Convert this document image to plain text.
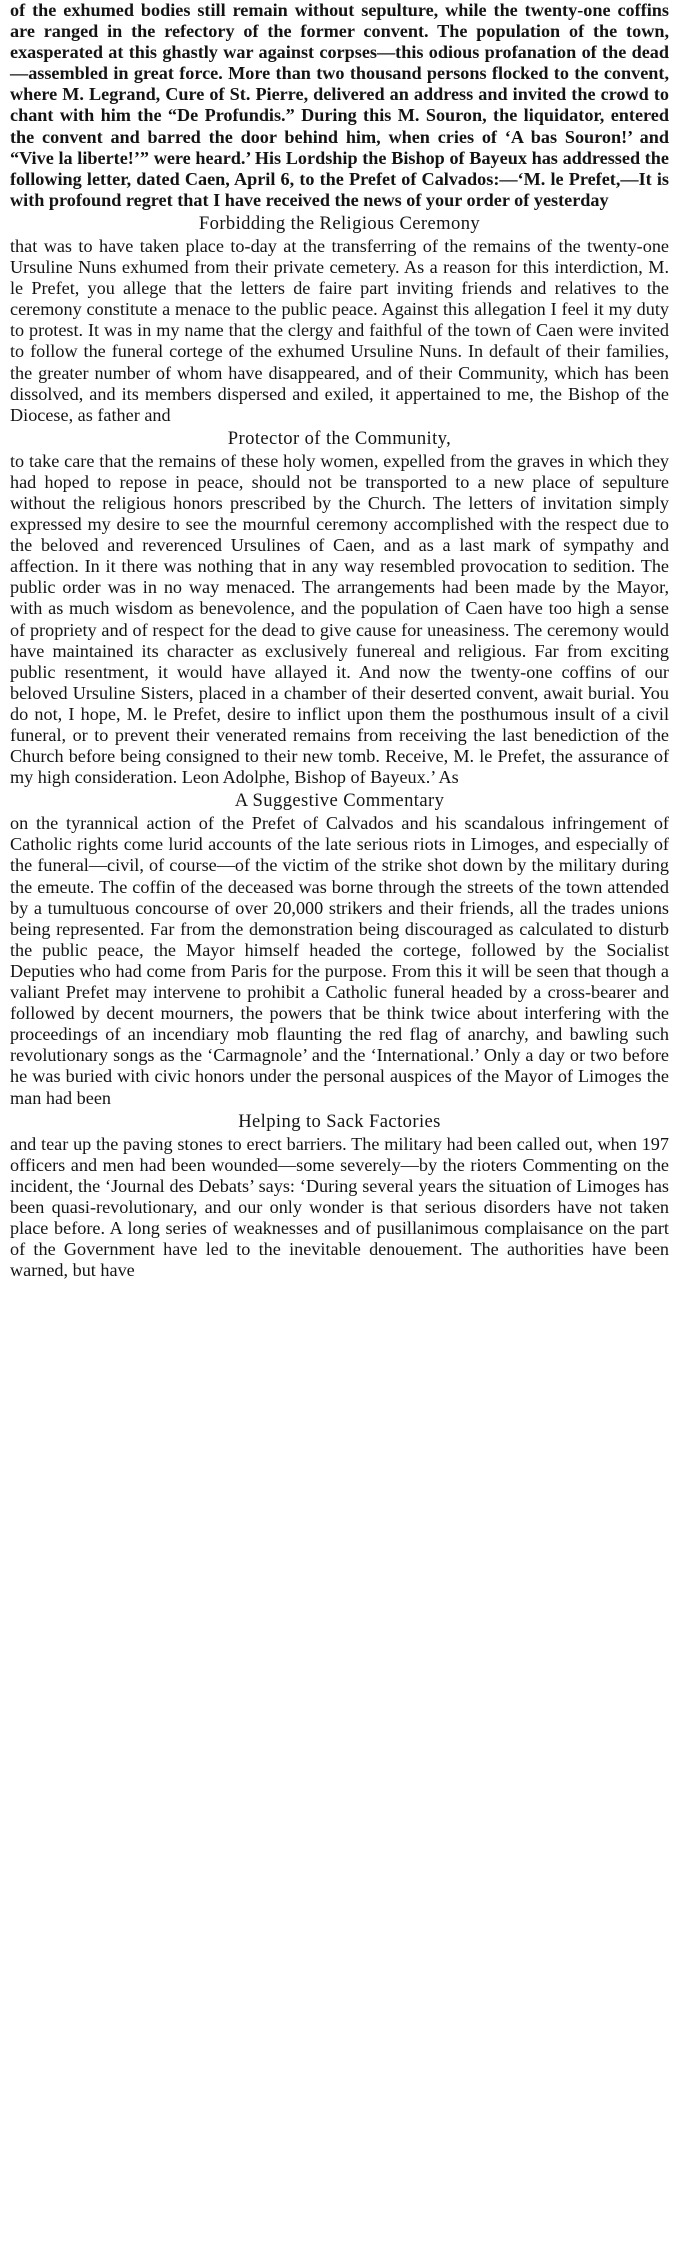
of the exhumed bodies still remain without sepulture, while the twenty-one coffins are ranged in the refectory of the former convent. The population of the town, exasperated at this ghastly war against corpses—this odious profanation of the dead—assembled in great force. More than two thousand persons flocked to the convent, where M. Legrand, Cure of St. Pierre, delivered an address and invited the crowd to chant with him the “De Profundis.” During this M. Souron, the liquidator, entered the convent and barred the door behind him, when cries of ‘A bas Souron!’ and “Vive la liberte!’” were heard.’ His Lordship the Bishop of Bayeux has addressed the following letter, dated Caen, April 6, to the Prefet of Calvados:—‘M. le Prefet,—It is with profound regret that I have received the news of your order of yesterday

Forbidding the Religious Ceremony

that was to have taken place to-day at the transferring of the remains of the twenty-one Ursuline Nuns exhumed from their private cemetery. As a reason for this interdiction, M. le Prefet, you allege that the letters de faire part inviting friends and relatives to the ceremony constitute a menace to the public peace. Against this allegation I feel it my duty to protest. It was in my name that the clergy and faithful of the town of Caen were invited to follow the funeral cortege of the exhumed Ursuline Nuns. In default of their families, the greater number of whom have disappeared, and of their Community, which has been dissolved, and its members dispersed and exiled, it appertained to me, the Bishop of the Diocese, as father and

Protector of the Community,

to take care that the remains of these holy women, expelled from the graves in which they had hoped to repose in peace, should not be transported to a new place of sepulture without the religious honors prescribed by the Church. The letters of invitation simply expressed my desire to see the mournful ceremony accomplished with the respect due to the beloved and reverenced Ursulines of Caen, and as a last mark of sympathy and affection. In it there was nothing that in any way resembled provocation to sedition. The public order was in no way menaced. The arrangements had been made by the Mayor, with as much wisdom as benevolence, and the population of Caen have too high a sense of propriety and of respect for the dead to give cause for uneasiness. The ceremony would have maintained its character as exclusively funereal and religious. Far from exciting public resentment, it would have allayed it. And now the twenty-one coffins of our beloved Ursuline Sisters, placed in a chamber of their deserted convent, await burial. You do not, I hope, M. le Prefet, desire to inflict upon them the posthumous insult of a civil funeral, or to prevent their venerated remains from receiving the last benediction of the Church before being consigned to their new tomb. Receive, M. le Prefet, the assurance of my high consideration. Leon Adolphe, Bishop of Bayeux.’ As

A Suggestive Commentary

on the tyrannical action of the Prefet of Calvados and his scandalous infringement of Catholic rights come lurid accounts of the late serious riots in Limoges, and especially of the funeral—civil, of course—of the victim of the strike shot down by the military during the emeute. The coffin of the deceased was borne through the streets of the town attended by a tumultuous concourse of over 20,000 strikers and their friends, all the trades unions being represented. Far from the demonstration being discouraged as calculated to disturb the public peace, the Mayor himself headed the cortege, followed by the Socialist Deputies who had come from Paris for the purpose. From this it will be seen that though a valiant Prefet may intervene to prohibit a Catholic funeral headed by a cross-bearer and followed by decent mourners, the powers that be think twice about interfering with the proceedings of an incendiary mob flaunting the red flag of anarchy, and bawling such revolutionary songs as the ‘Carmagnole’ and the ‘International.’ Only a day or two before he was buried with civic honors under the personal auspices of the Mayor of Limoges the man had been

Helping to Sack Factories

and tear up the paving stones to erect barriers. The military had been called out, when 197 officers and men had been wounded—some severely—by the rioters Commenting on the incident, the ‘Journal des Debats’ says: ‘During several years the situation of Limoges has been quasi-revolutionary, and our only wonder is that serious disorders have not taken place before. A long series of weaknesses and of pusillanimous complaisance on the part of the Government have led to the inevitable denouement. The authorities have been warned, but have
